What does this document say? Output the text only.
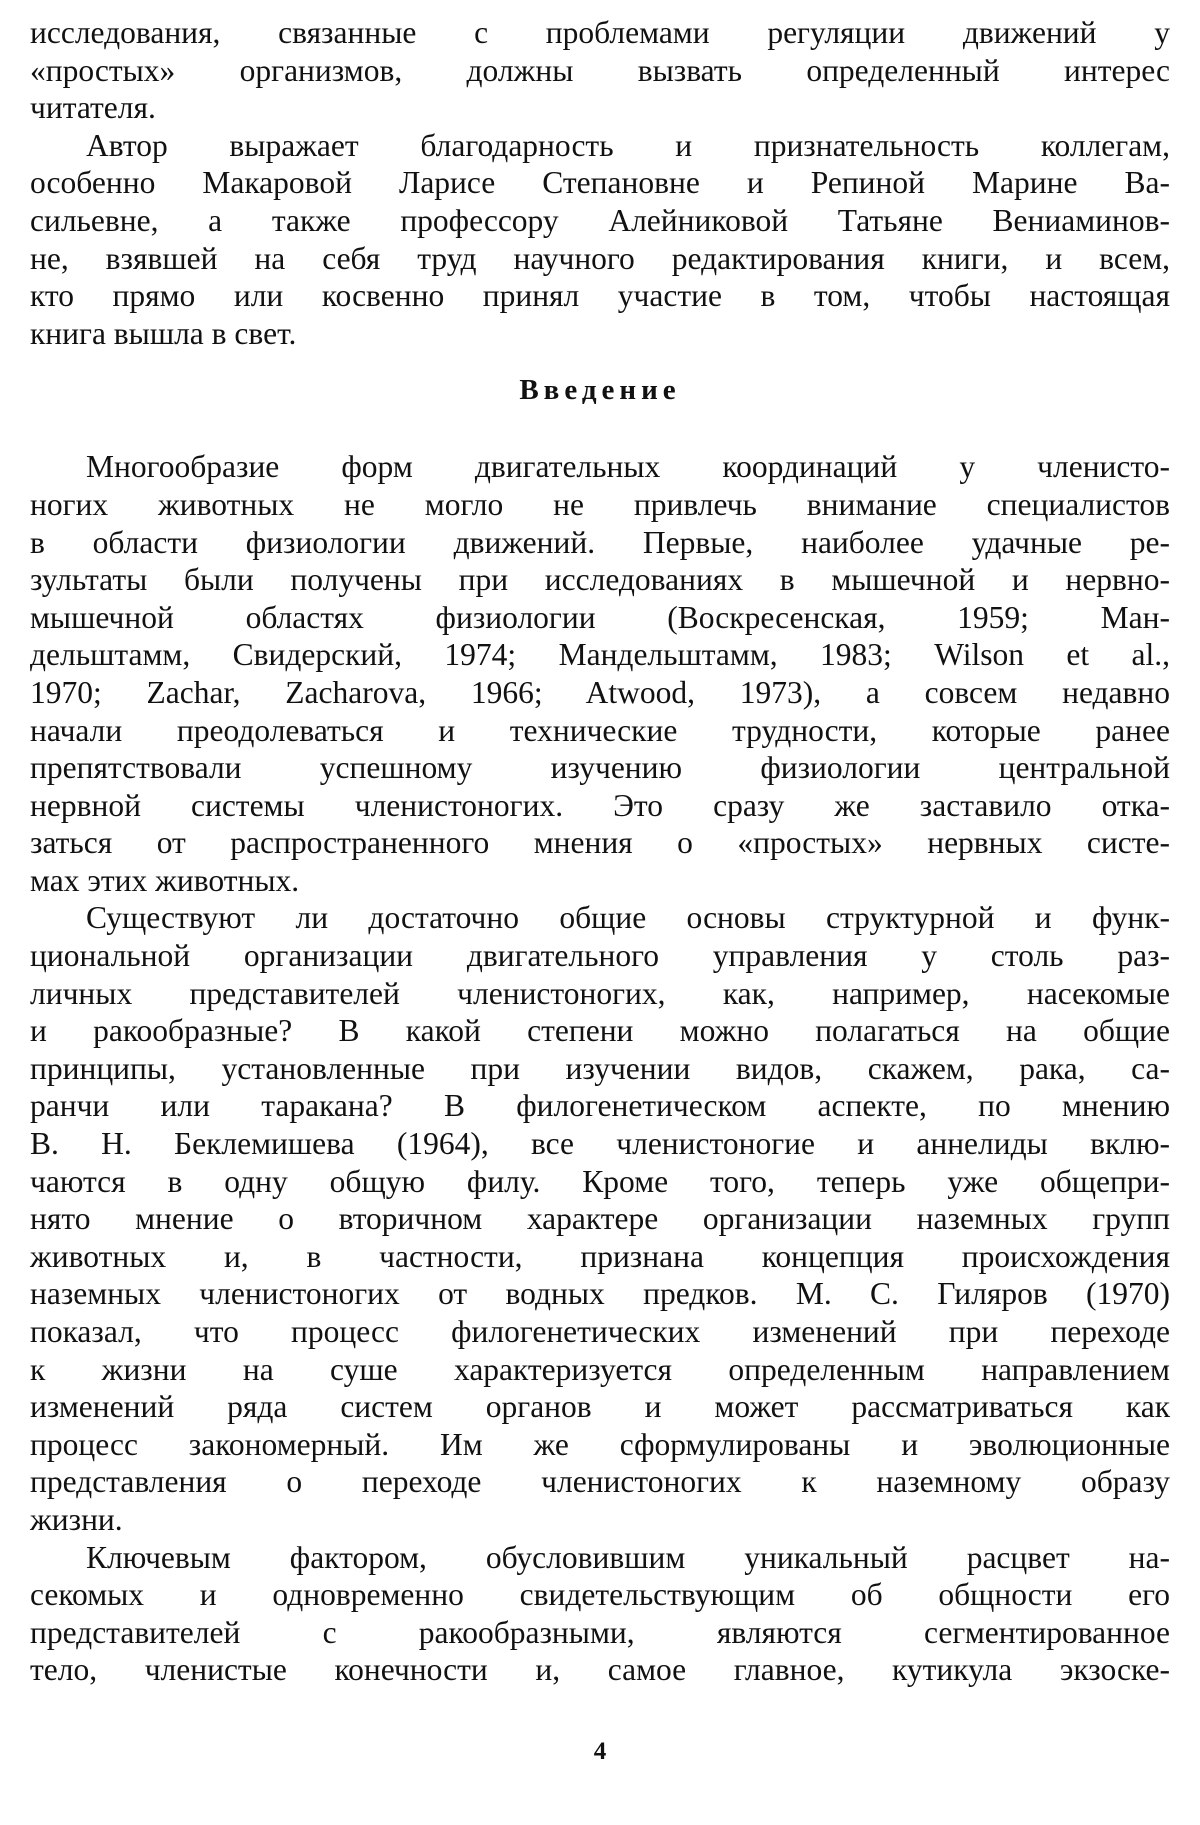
исследования, связанные с проблемами регуляции движений у
«простых» организмов, должны вызвать определенный интерес
читателя.

Автор выражает благодарность и признательность коллегам,
особенно Макаровой Ларисе Степановне и Репиной Марине Ва-
сильевне, а также профессору Алейниковой Татьяне Вениаминов-
не, взявшей на себя труд научного редактирования книги, и всем,
кто прямо или косвенно принял участие в том, чтобы настоящая
книга вышла в свет.

Введение

Многообразие форм двигательных координаций у членисто-
ногих животных не могло не привлечь внимание специалистов
в области физиологии движений. Первые, наиболее удачные ре-
зультаты были получены при исследованиях в мышечной и нервно-
мышечной областях физиологии (Воскресенская, 1959; Ман-
дельштамм, Свидерский, 1974; Мандельштамм, 1983; Wilson et al.,
1970; Zachar, Zacharova, 1966; Atwood, 1973), а совсем недавно
начали преодолеваться и технические трудности, которые ранее
препятствовали успешному изучению физиологии центральной
нервной системы членистоногих. Это сразу же заставило отка-
заться от распространенного мнения о «простых» нервных систе-
мах этих животных.

Существуют ли достаточно общие основы структурной и функ-
циональной организации двигательного управления у столь раз-
личных представителей членистоногих, как, например, насекомые
и ракообразные? В какой степени можно полагаться на общие
принципы, установленные при изучении видов, скажем, рака, са-
ранчи или таракана? В филогенетическом аспекте, по мнению
В. Н. Беклемишева (1964), все членистоногие и аннелиды вклю-
чаются в одну общую филу. Кроме того, теперь уже общепри-
нято мнение о вторичном характере организации наземных групп
животных и, в частности, признана концепция происхождения
наземных членистоногих от водных предков. М. С. Гиляров (1970)
показал, что процесс филогенетических изменений при переходе
к жизни на суше характеризуется определенным направлением
изменений ряда систем органов и может рассматриваться как
процесс закономерный. Им же сформулированы и эволюционные
представления о переходе членистоногих к наземному образу
жизни.

Ключевым фактором, обусловившим уникальный расцвет на-
секомых и одновременно свидетельствующим об общности его
представителей с ракообразными, являются сегментированное
тело, членистые конечности и, самое главное, кутикула экзоске-

4
